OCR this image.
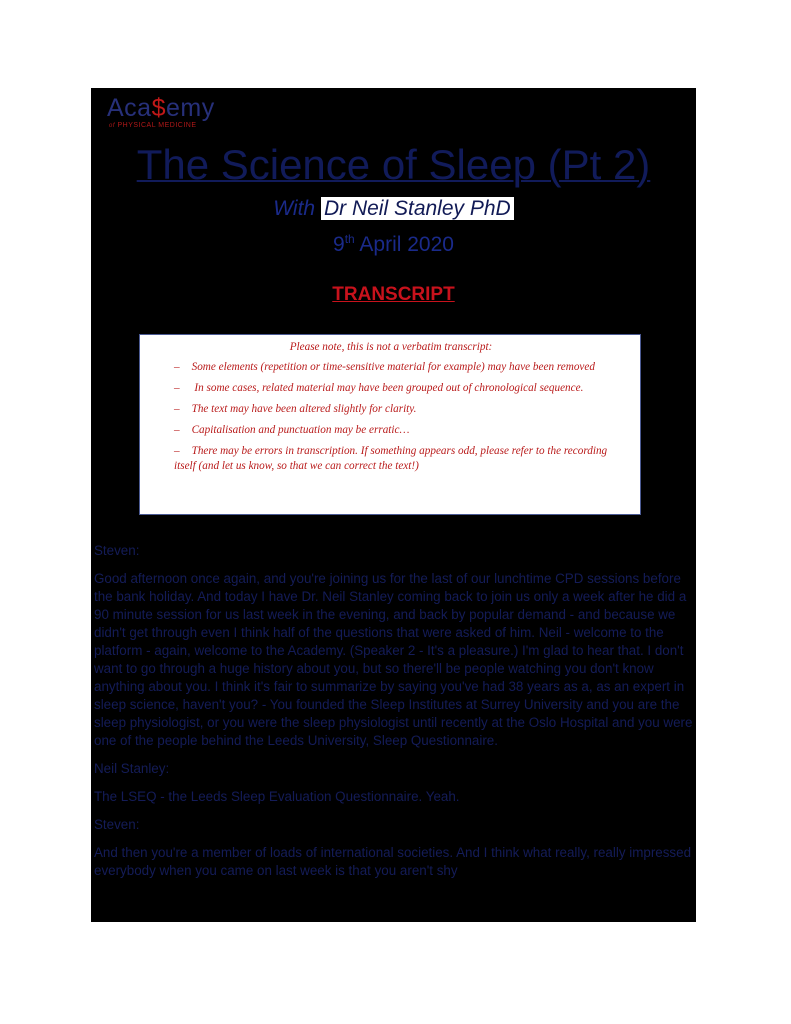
Aca$emy
of PHYSICAL MEDICINE
The Science of Sleep (Pt 2)
With Dr Neil Stanley PhD
9th April 2020
TRANSCRIPT
Please note, this is not a verbatim transcript:
– Some elements (repetition or time-sensitive material for example) may have been removed
– In some cases, related material may have been grouped out of chronological sequence.
– The text may have been altered slightly for clarity.
– Capitalisation and punctuation may be erratic…
– There may be errors in transcription. If something appears odd, please refer to the recording itself (and let us know, so that we can correct the text!)
Steven:
Good afternoon once again, and you're joining us for the last of our lunchtime CPD sessions before the bank holiday. And today I have Dr. Neil Stanley coming back to join us only a week after he did a 90 minute session for us last week in the evening, and back by popular demand - and because we didn't get through even I think half of the questions that were asked of him. Neil - welcome to the platform - again, welcome to the Academy. (Speaker 2 - It's a pleasure.) I'm glad to hear that. I don't want to go through a huge history about you, but so there'll be people watching you don't know anything about you. I think it's fair to summarize by saying you've had 38 years as a, as an expert in sleep science, haven't you? - You founded the Sleep Institutes at Surrey University and you are the sleep physiologist, or you were the sleep physiologist until recently at the Oslo Hospital and you were one of the people behind the Leeds University, Sleep Questionnaire.
Neil Stanley:
The LSEQ - the Leeds Sleep Evaluation Questionnaire. Yeah.
Steven:
And then you're a member of loads of international societies. And I think what really, really impressed everybody when you came on last week is that you aren't shy
